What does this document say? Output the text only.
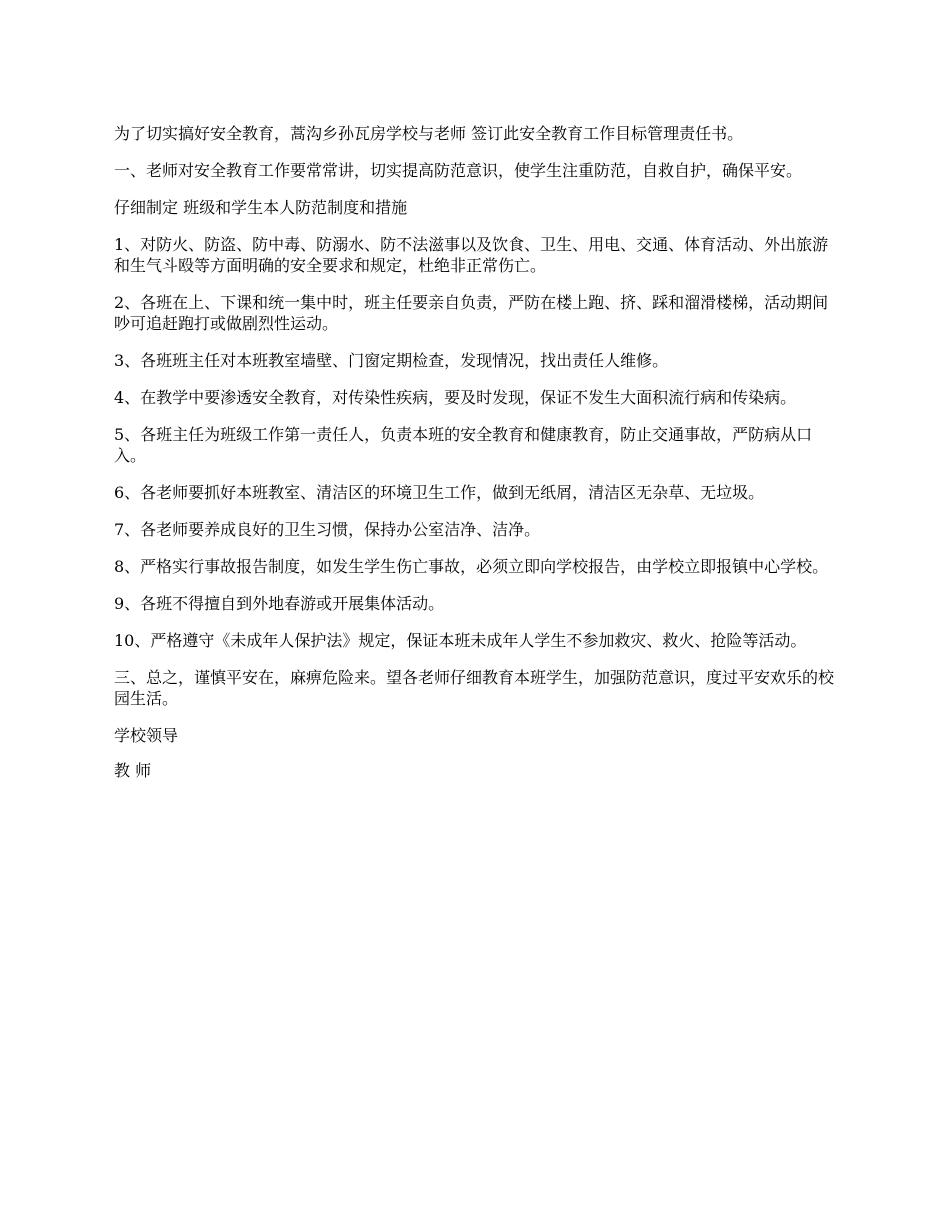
为了切实搞好安全教育，蒿沟乡孙瓦房学校与老师 签订此安全教育工作目标管理责任书。

一、老师对安全教育工作要常常讲，切实提高防范意识，使学生注重防范，自救自护，确保平安。

仔细制定 班级和学生本人防范制度和措施

1、对防火、防盗、防中毒、防溺水、防不法滋事以及饮食、卫生、用电、交通、体育活动、外出旅游和生气斗殴等方面明确的安全要求和规定，杜绝非正常伤亡。

2、各班在上、下课和统一集中时，班主任要亲自负责，严防在楼上跑、挤、踩和溜滑楼梯，活动期间吵可追赶跑打或做剧烈性运动。

3、各班班主任对本班教室墙壁、门窗定期检查，发现情况，找出责任人维修。

4、在教学中要渗透安全教育，对传染性疾病，要及时发现，保证不发生大面积流行病和传染病。

5、各班主任为班级工作第一责任人，负责本班的安全教育和健康教育，防止交通事故，严防病从口入。

6、各老师要抓好本班教室、清洁区的环境卫生工作，做到无纸屑，清洁区无杂草、无垃圾。

7、各老师要养成良好的卫生习惯，保持办公室洁净、洁净。

8、严格实行事故报告制度，如发生学生伤亡事故，必须立即向学校报告，由学校立即报镇中心学校。

9、各班不得擅自到外地春游或开展集体活动。

10、严格遵守《未成年人保护法》规定，保证本班未成年人学生不参加救灾、救火、抢险等活动。

三、总之，谨慎平安在，麻痹危险来。望各老师仔细教育本班学生，加强防范意识，度过平安欢乐的校园生活。

学校领导

教 师
